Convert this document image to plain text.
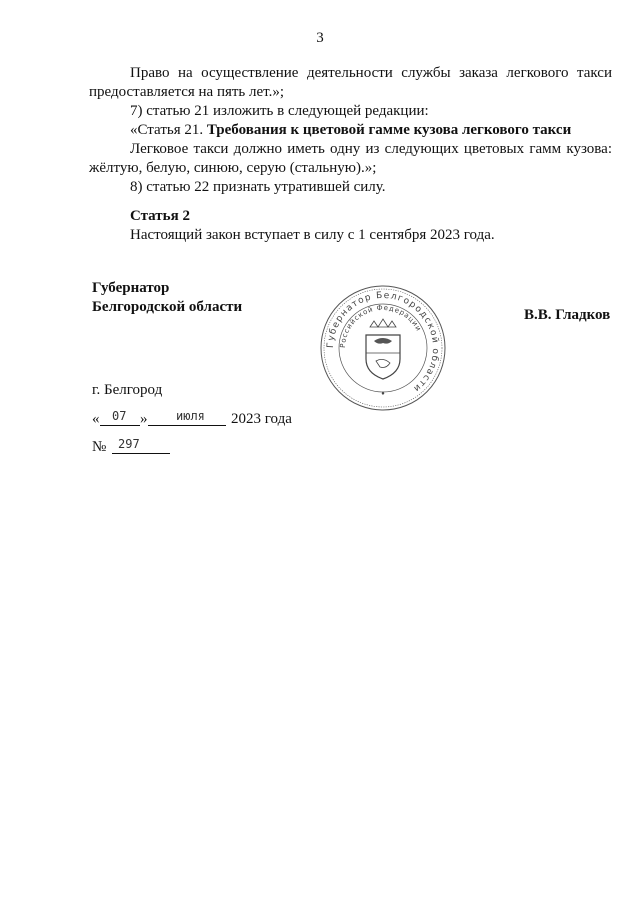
3
Право на осуществление деятельности службы заказа легкового такси
предоставляется на пять лет.»;
7) статью 21 изложить в следующей редакции:
«Статья 21. Требования к цветовой гамме кузова легкового такси
Легковое такси должно иметь одну из следующих цветовых гамм кузова:
жёлтую, белую, синюю, серую (стальную).»;
8) статью 22 признать утратившей силу.
Статья 2
Настоящий закон вступает в силу с 1 сентября 2023 года.
Губернатор
Белгородской области	В.В. Гладков
Губернатор Белгородской области
Российской Федерации
♦
г. Белгород
« 07 » июля 2023 года
№ 297
